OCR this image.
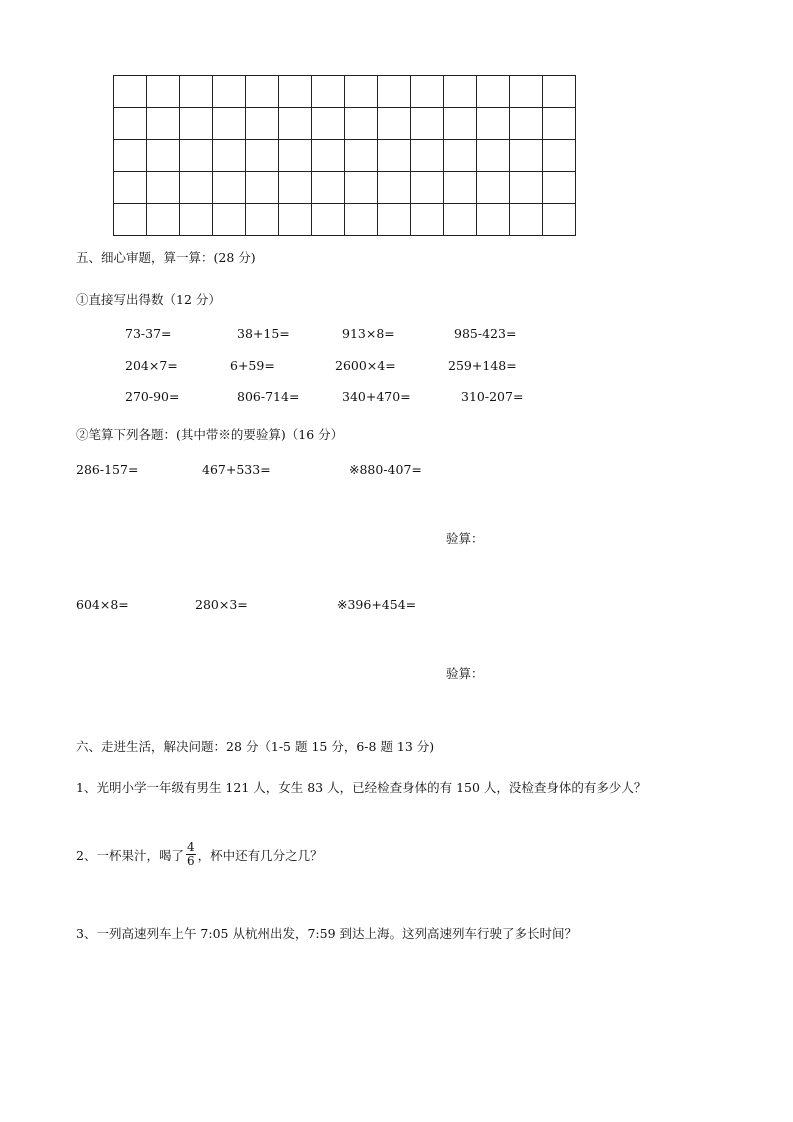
五、细心审题，算一算：(28 分)
①直接写出得数（12 分）
73-37=	38+15=	913×8=	985-423=
204×7=	6+59=	2600×4=	259+148=
270-90=	806-714=	340+470=	310-207=
②笔算下列各题：(其中带※的要验算)（16 分）
286-157=	467+533=	※880-407=
验算：
604×8=	280×3=	※396+454=
验算：
六、走进生活，解决问题：28 分（1-5 题 15 分，6-8 题 13 分)
1、光明小学一年级有男生 121 人，女生 83 人，已经检查身体的有 150 人，没检查身体的有多少人？
2、一杯果汁，喝了 $\frac{4}{6}$ ，杯中还有几分之几？
3、一列高速列车上午 7:05 从杭州出发，7:59 到达上海。这列高速列车行驶了多长时间？
